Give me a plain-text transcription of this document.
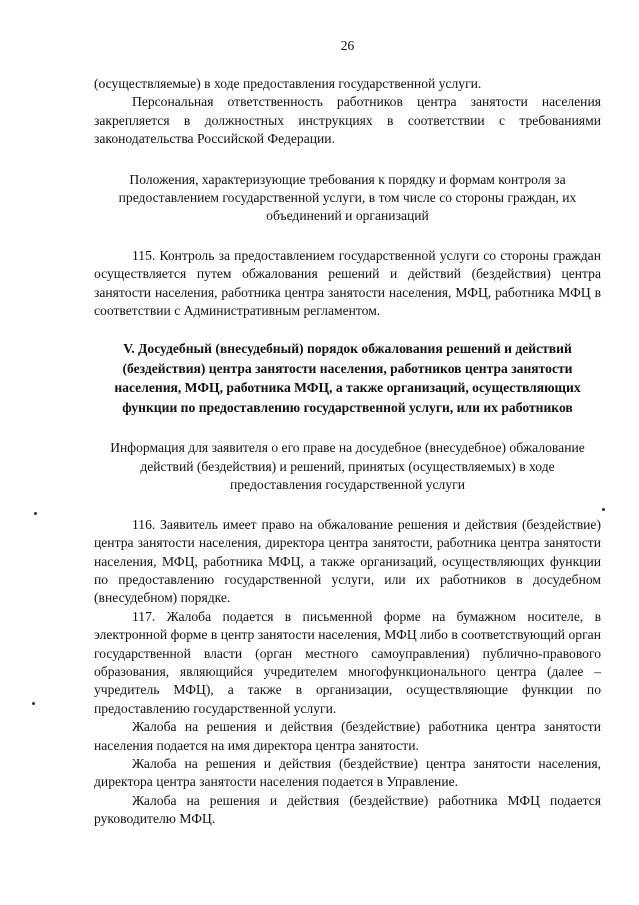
26

(осуществляемые) в ходе предоставления государственной услуги.

Персональная ответственность работников центра занятости населения закрепляется в должностных инструкциях в соответствии с требованиями законодательства Российской Федерации.

Положения, характеризующие требования к порядку и формам контроля за предоставлением государственной услуги, в том числе со стороны граждан, их объединений и организаций

115. Контроль за предоставлением государственной услуги со стороны граждан осуществляется путем обжалования решений и действий (бездействия) центра занятости населения, работника центра занятости населения, МФЦ, работника МФЦ в соответствии с Административным регламентом.

V. Досудебный (внесудебный) порядок обжалования решений и действий (бездействия) центра занятости населения, работников центра занятости населения, МФЦ, работника МФЦ, а также организаций, осуществляющих функции по предоставлению государственной услуги, или их работников

Информация для заявителя о его праве на досудебное (внесудебное) обжалование действий (бездействия) и решений, принятых (осуществляемых) в ходе предоставления государственной услуги

116. Заявитель имеет право на обжалование решения и действия (бездействие) центра занятости населения, директора центра занятости, работника центра занятости населения, МФЦ, работника МФЦ, а также организаций, осуществляющих функции по предоставлению государственной услуги, или их работников в досудебном (внесудебном) порядке.

117. Жалоба подается в письменной форме на бумажном носителе, в электронной форме в центр занятости населения, МФЦ либо в соответствующий орган государственной власти (орган местного самоуправления) публично-правового образования, являющийся учредителем многофункционального центра (далее – учредитель МФЦ), а также в организации, осуществляющие функции по предоставлению государственной услуги.

Жалоба на решения и действия (бездействие) работника центра занятости населения подается на имя директора центра занятости.

Жалоба на решения и действия (бездействие) центра занятости населения, директора центра занятости населения подается в Управление.

Жалоба на решения и действия (бездействие) работника МФЦ подается руководителю МФЦ.
